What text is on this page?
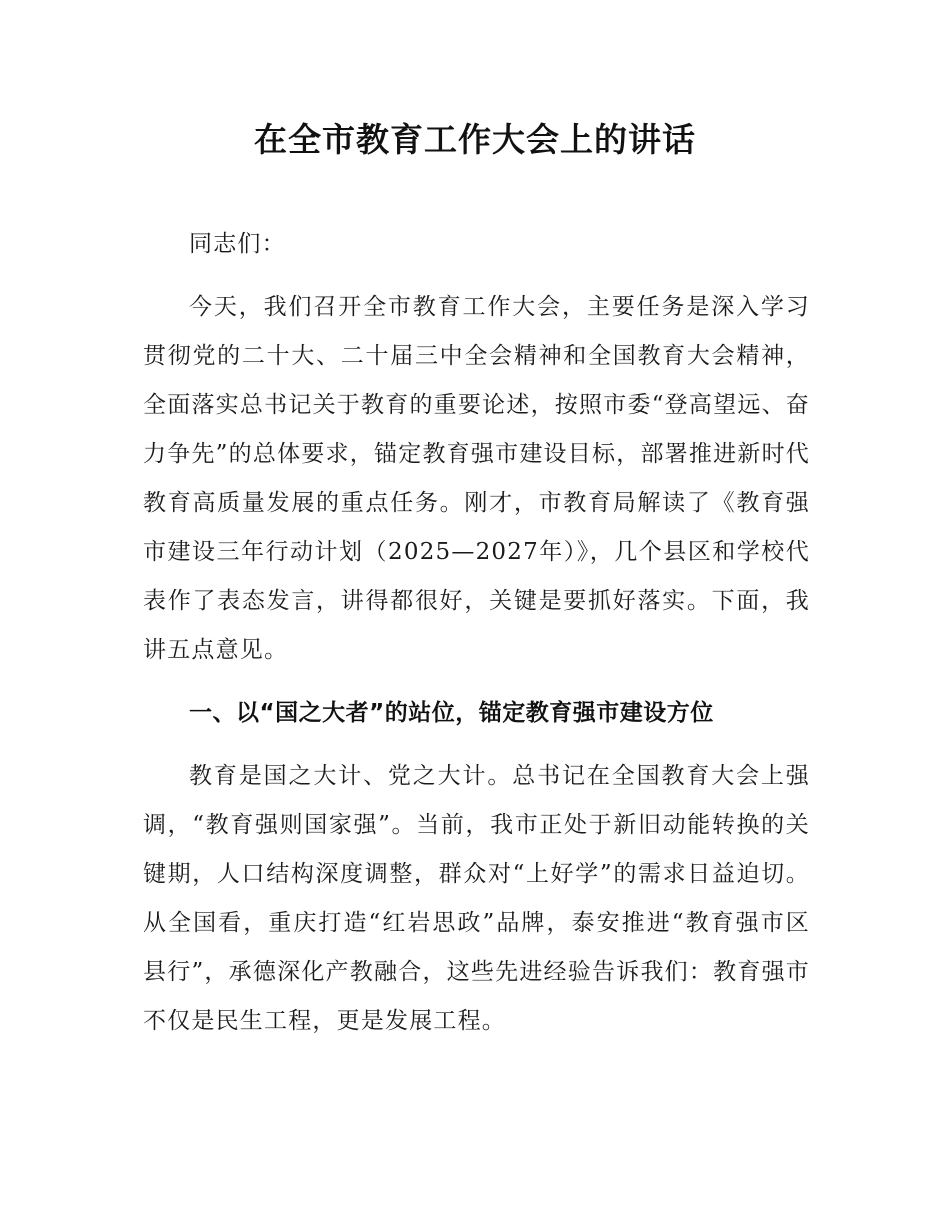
在全市教育工作大会上的讲话

同志们：

今天，我们召开全市教育工作大会，主要任务是深入学习贯彻党的二十大、二十届三中全会精神和全国教育大会精神，全面落实总书记关于教育的重要论述，按照市委“登高望远、奋力争先”的总体要求，锚定教育强市建设目标，部署推进新时代教育高质量发展的重点任务。刚才，市教育局解读了《教育强市建设三年行动计划（2025—2027年）》，几个县区和学校代表作了表态发言，讲得都很好，关键是要抓好落实。下面，我讲五点意见。

一、以“国之大者”的站位，锚定教育强市建设方位

教育是国之大计、党之大计。总书记在全国教育大会上强调，“教育强则国家强”。当前，我市正处于新旧动能转换的关键期，人口结构深度调整，群众对“上好学”的需求日益迫切。从全国看，重庆打造“红岩思政”品牌，泰安推进“教育强市区县行”，承德深化产教融合，这些先进经验告诉我们：教育强市不仅是民生工程，更是发展工程。
